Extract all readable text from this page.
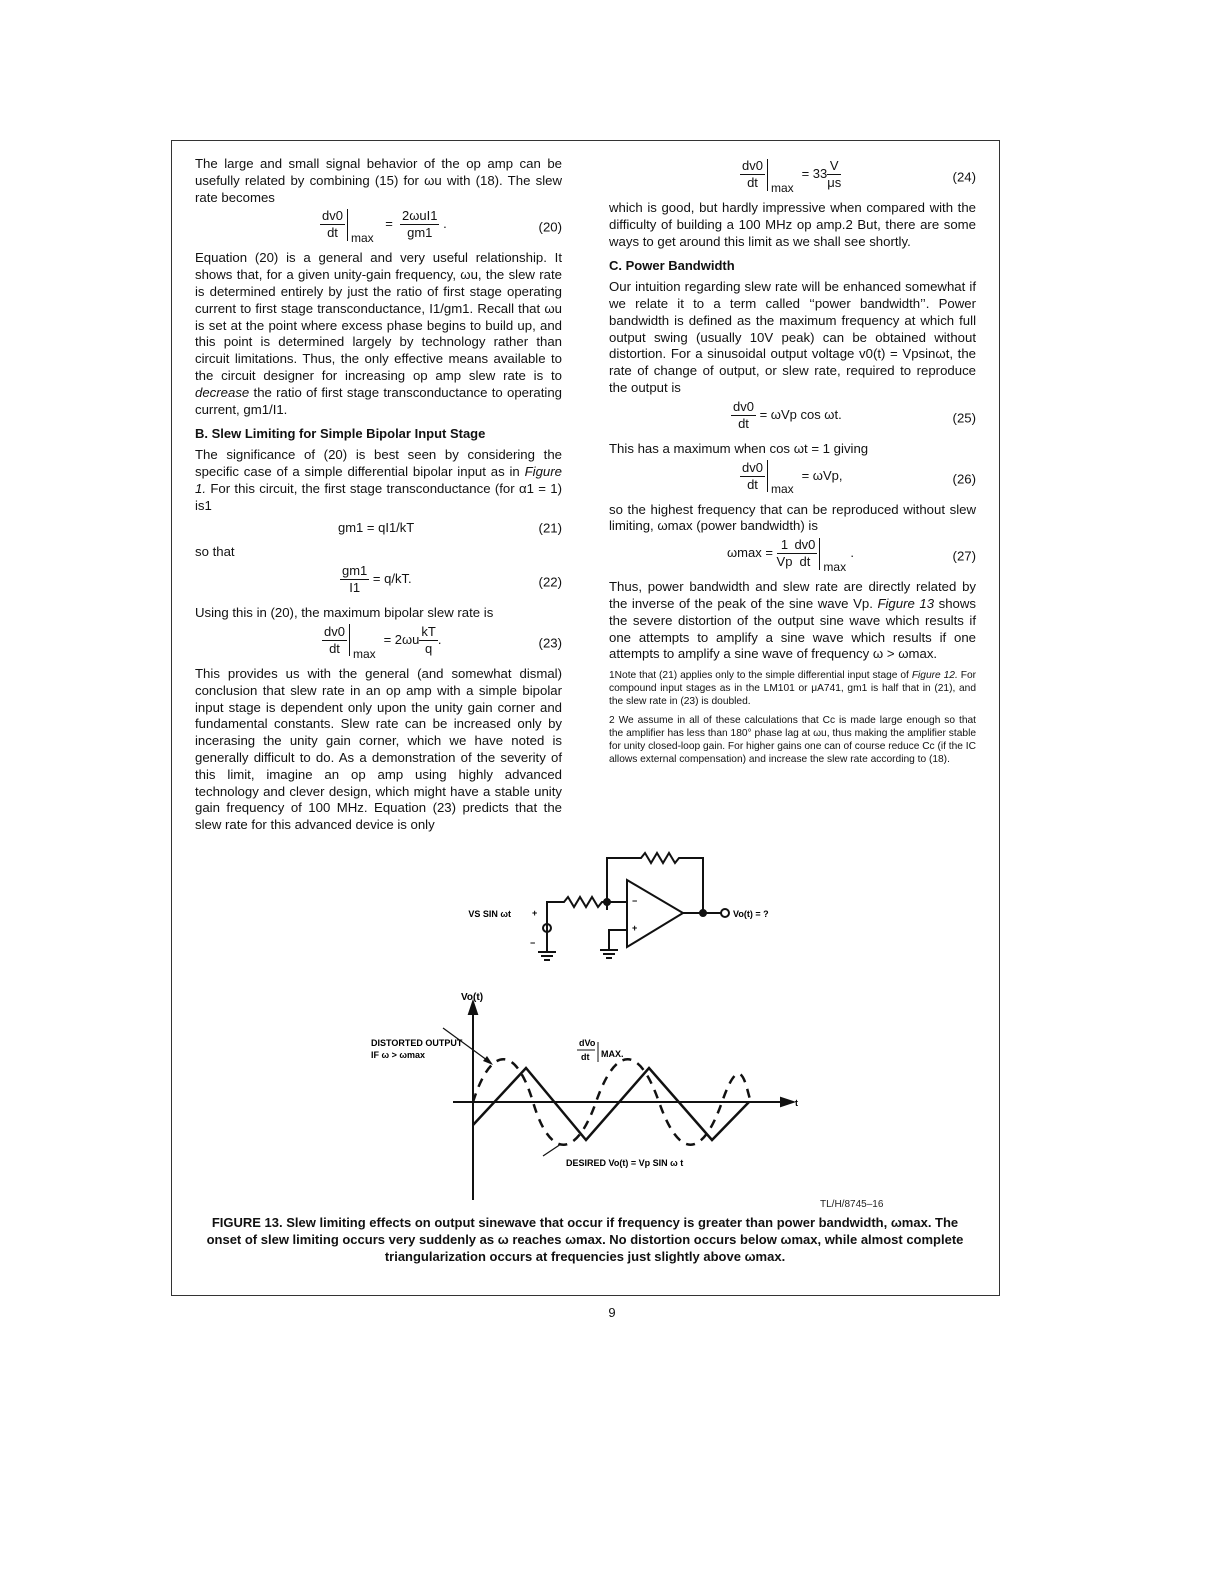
The large and small signal behavior of the op amp can be usefully related by combining (15) for ωu with (18). The slew rate becomes

$\frac{dv0}{dt}$ max
= $\frac{\text{2ωuI1}}{gm1}$ .	(20)

Equation (20) is a general and very useful relationship. It shows that, for a given unity-gain frequency, ωu, the slew rate is determined entirely by just the ratio of first stage operating current to first stage transconductance, I1/gm1. Recall that ωu is set at the point where excess phase begins to build up, and this point is determined largely by technology rather than circuit limitations. Thus, the only effective means available to the circuit designer for increasing op amp slew rate is to decrease the ratio of first stage transconductance to operating current, gm1/I1.

B. Slew Limiting for Simple Bipolar Input Stage

The significance of (20) is best seen by considering the specific case of a simple differential bipolar input as in Figure 1. For this circuit, the first stage transconductance (for α1 = 1) is1

gm1 = qI1/kT	(21)

so that

$\frac{gm1}{I1} = q/kT$.	(22)

Using this in (20), the maximum bipolar slew rate is

$\frac{dv0}{dt}$ max
= $2\omega u \frac{kT}{q}$ .	(23)

This provides us with the general (and somewhat dismal) conclusion that slew rate in an op amp with a simple bipolar input stage is dependent only upon the unity gain corner and fundamental constants. Slew rate can be increased only by incerasing the unity gain corner, which we have noted is generally difficult to do. As a demonstration of the severity of this limit, imagine an op amp using highly advanced technology and clever design, which might have a stable unity gain frequency of 100 MHz. Equation (23) predicts that the slew rate for this advanced device is only

$\frac{dv0}{dt}$ max
= $33 \frac{V}{\mu s}$	(24)

which is good, but hardly impressive when compared with the difficulty of building a 100 MHz op amp.2 But, there are some ways to get around this limit as we shall see shortly.

C. Power Bandwidth

Our intuition regarding slew rate will be enhanced somewhat if we relate it to a term called ‘‘power bandwidth’’. Power bandwidth is defined as the maximum frequency at which full output swing (usually 10V peak) can be obtained without distortion. For a sinusoidal output voltage v0(t) = Vpsinωt, the rate of change of output, or slew rate, required to reproduce the output is

$\frac{dv0}{dt} = \omega Vp$ cos ωt.	(25)

This has a maximum when cos ωt = 1 giving

$\frac{dv0}{dt}$ max
= ωVp,	(26)

so the highest frequency that can be reproduced without slew limiting, ωmax (power bandwidth) is

$\omega\max = \frac{1}{Vp} \frac{dv0}{dt}$ max
.	(27)

Thus, power bandwidth and slew rate are directly related by the inverse of the peak of the sine wave Vp. Figure 13 shows the severe distortion of the output sine wave which results if one attempts to amplify a sine wave which results if one attempts to amplify a sine wave of frequency ω > ωmax.

1Note that (21) applies only to the simple differential input stage of Figure 12. For compound input stages as in the LM101 or μA741, gm1 is half that in (21), and the slew rate in (23) is doubled.

2 We assume in all of these calculations that Cc is made large enough so that the amplifier has less than 180° phase lag at ωu, thus making the amplifier stable for unity closed-loop gain. For higher gains one can of course reduce Cc (if the IC allows external compensation) and increase the slew rate according to (18).

VS SIN ωt +
−
−
+
Vo(t) = ?
Vo(t)
t
DISTORTED OUTPUT
IF ω > ωmax
dVo
dt MAX.
DESIRED Vo(t) = Vp SIN ω t
TL/H/8745–16
FIGURE 13. Slew limiting effects on output sinewave that occur if frequency is greater than power bandwidth, ωmax. The onset of slew limiting occurs very suddenly as ω reaches ωmax. No distortion occurs below ωmax, while almost complete triangularization occurs at frequencies just slightly above ωmax.
9
